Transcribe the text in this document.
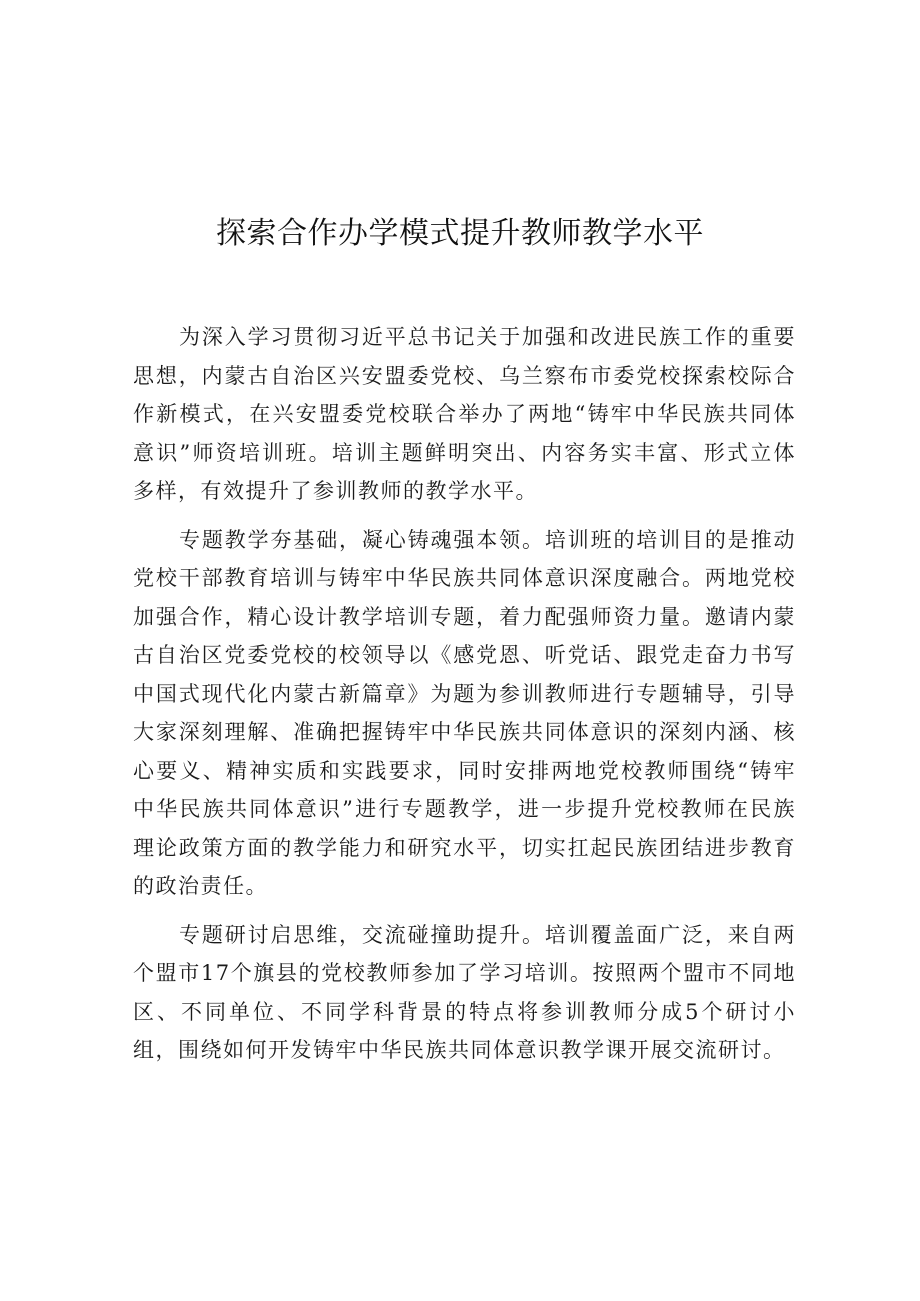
探索合作办学模式提升教师教学水平

为深入学习贯彻习近平总书记关于加强和改进民族工作的重要思想，内蒙古自治区兴安盟委党校、乌兰察布市委党校探索校际合作新模式，在兴安盟委党校联合举办了两地“铸牢中华民族共同体意识”师资培训班。培训主题鲜明突出、内容务实丰富、形式立体多样，有效提升了参训教师的教学水平。

专题教学夯基础，凝心铸魂强本领。培训班的培训目的是推动党校干部教育培训与铸牢中华民族共同体意识深度融合。两地党校加强合作，精心设计教学培训专题，着力配强师资力量。邀请内蒙古自治区党委党校的校领导以《感党恩、听党话、跟党走奋力书写中国式现代化内蒙古新篇章》为题为参训教师进行专题辅导，引导大家深刻理解、准确把握铸牢中华民族共同体意识的深刻内涵、核心要义、精神实质和实践要求，同时安排两地党校教师围绕“铸牢中华民族共同体意识”进行专题教学，进一步提升党校教师在民族理论政策方面的教学能力和研究水平，切实扛起民族团结进步教育的政治责任。

专题研讨启思维，交流碰撞助提升。培训覆盖面广泛，来自两个盟市17个旗县的党校教师参加了学习培训。按照两个盟市不同地区、不同单位、不同学科背景的特点将参训教师分成5个研讨小组，围绕如何开发铸牢中华民族共同体意识教学课开展交流研讨。
